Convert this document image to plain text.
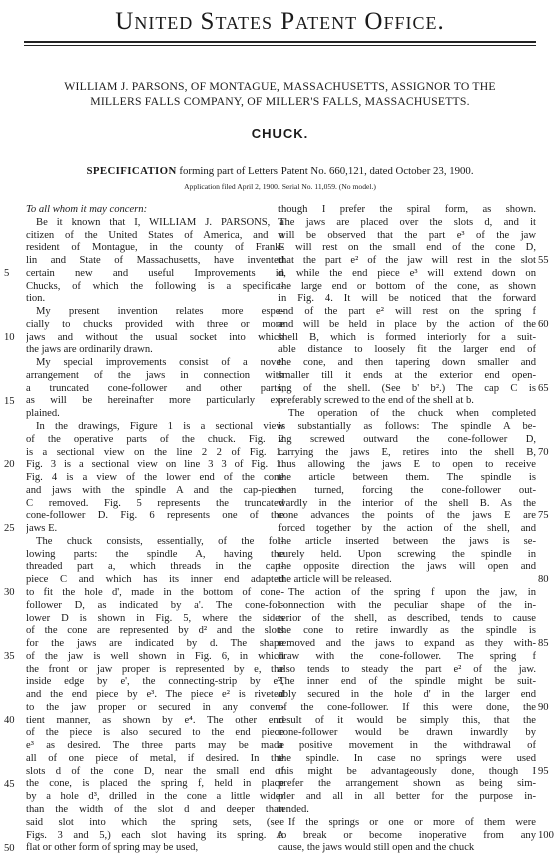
United States Patent Office.
WILLIAM J. PARSONS, OF MONTAGUE, MASSACHUSETTS, ASSIGNOR TO THE
MILLERS FALLS COMPANY, OF MILLER'S FALLS, MASSACHUSETTS.
CHUCK.
SPECIFICATION forming part of Letters Patent No. 660,121, dated October 23, 1900.
Application filed April 2, 1900. Serial No. 11,059. (No model.)
To all whom it may concern:
Be it known that I, WILLIAM J. PARSONS, a
citizen of the United States of America, and a
resident of Montague, in the county of Frank-
lin and State of Massachusetts, have invented
certain new and useful Improvements in
Chucks, of which the following is a specifica-
tion.
My present invention relates more espe-
cially to chucks provided with three or more
jaws and without the usual socket into which
the jaws are ordinarily drawn.
My special improvements consist of a novel
arrangement of the jaws in connection with
a truncated cone-follower and other parts,
as will be hereinafter more particularly ex-
plained.
In the drawings, Figure 1 is a sectional view
of the operative parts of the chuck. Fig. 2
is a sectional view on the line 2 2 of Fig. 1.
Fig. 3 is a sectional view on line 3 3 of Fig. 1.
Fig. 4 is a view of the lower end of the cone
and jaws with the spindle A and the cap-piece
C removed. Fig. 5 represents the truncated
cone-follower D. Fig. 6 represents one of the
jaws E.
The chuck consists, essentially, of the fol-
lowing parts: the spindle A, having the
threaded part a, which threads in the cap-
piece C and which has its inner end adapted
to fit the hole d', made in the bottom of cone-
follower D, as indicated by a'. The cone-fol-
lower D is shown in Fig. 5, where the sides
of the cone are represented by d² and the slots
for the jaws are indicated by d. The shape
of the jaw is well shown in Fig. 6, in which
the front or jaw proper is represented by e, the
inside edge by e', the connecting-strip by e²,
and the end piece by e³. The piece e² is riveted
to the jaw proper or secured in any conven-
tient manner, as shown by e⁴. The other end
of the piece is also secured to the end piece
e³ as desired. The three parts may be made
all of one piece of metal, if desired. In the
slots d of the cone D, near the small end of
the cone, is placed the spring f, held in place
by a hole d³, drilled in the cone a little wider
than the width of the slot d and deeper than
said slot into which the spring sets, (see
Figs. 3 and 5,) each slot having its spring. A
flat or other form of spring may be used,
though I prefer the spiral form, as shown.
The jaws are placed over the slots d, and it
will be observed that the part e³ of the jaw
E will rest on the small end of the cone D,
that the part e² of the jaw will rest in the slot
d, while the end piece e³ will extend down on
the large end or bottom of the cone, as shown
in Fig. 4. It will be noticed that the forward
end of the part e² will rest on the spring f
and will be held in place by the action of the
shell B, which is formed interiorly for a suit-
able distance to loosely fit the larger end of
the cone, and then tapering down smaller and
smaller till it ends at the exterior end open-
ing of the shell. (See b' b².) The cap C is
preferably screwed to the end of the shell at b.
The operation of the chuck when completed
is substantially as follows: The spindle A be-
ing screwed outward the cone-follower D,
carrying the jaws E, retires into the shell B,
thus allowing the jaws E to open to receive
the article between them. The spindle is
then turned, forcing the cone-follower out-
wardly in the interior of the shell B. As the
cone advances the points of the jaws E are
forced together by the action of the shell, and
the article inserted between the jaws is se-
curely held. Upon screwing the spindle in
the opposite direction the jaws will open and
the article will be released.
The action of the spring f upon the jaw, in
connection with the peculiar shape of the in-
terior of the shell, as described, tends to cause
the cone to retire inwardly as the spindle is
removed and the jaws to expand as they with-
draw with the cone-follower. The spring f
also tends to steady the part e² of the jaw.
The inner end of the spindle might be suit-
ably secured in the hole d' in the larger end
of the cone-follower. If this were done, the
result of it would be simply this, that the
cone-follower would be drawn inwardly by
a positive movement in the withdrawal of
the spindle. In case no springs were used
this might be advantageously done, though I
prefer the arrangement shown as being sim-
pler and all in all better for the purpose in-
tended.
If the springs or one or more of them were
to break or become inoperative from any
cause, the jaws would still open and the chuck
5
10
15
20
25
30
35
40
45
50
55
60
65
70
75
80
85
90
95
100
